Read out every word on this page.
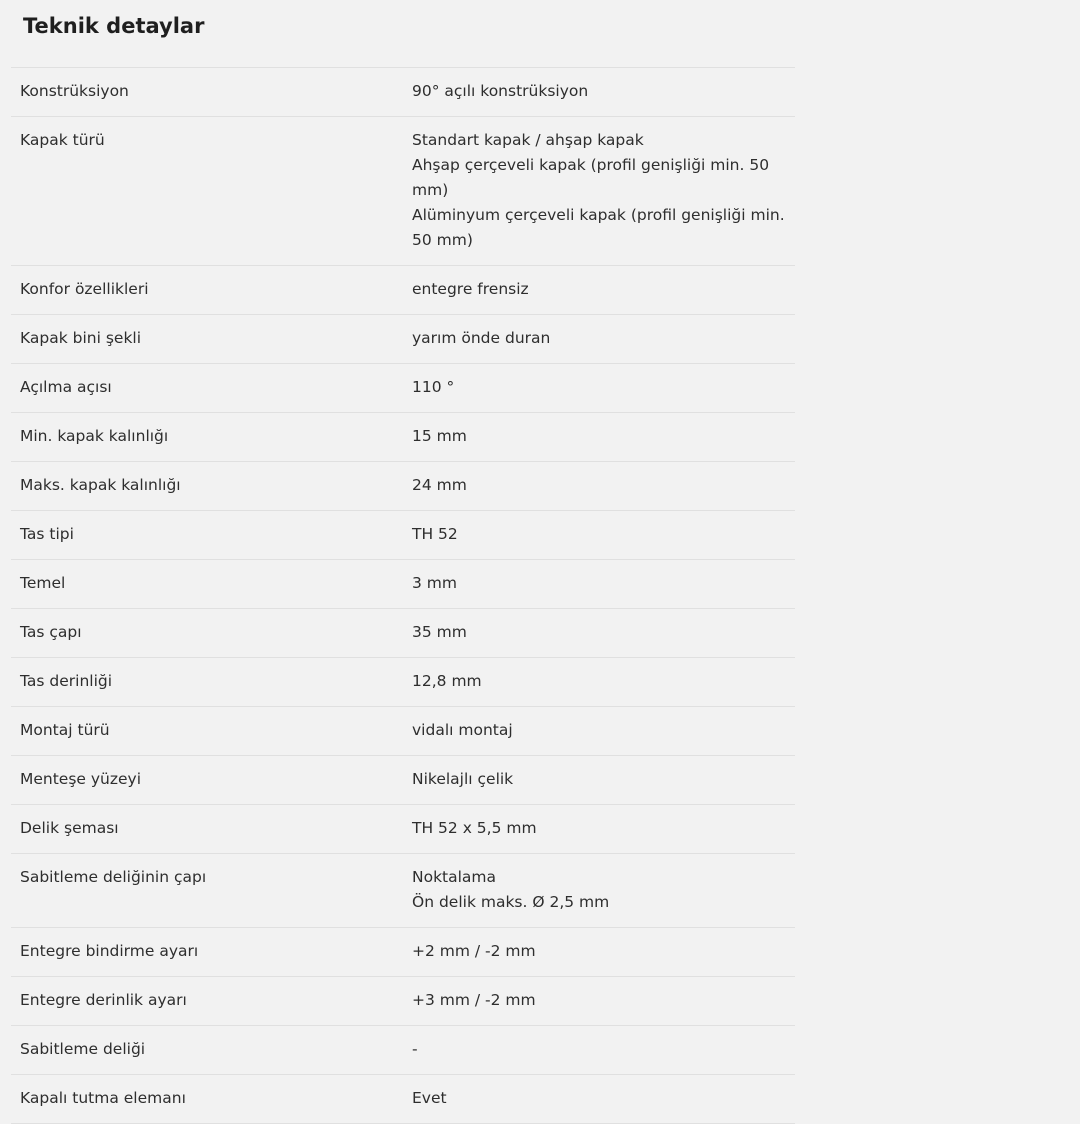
Teknik detaylar
Konstrüksiyon	90° açılı konstrüksiyon
Kapak türü	Standart kapak / ahşap kapak
Ahşap çerçeveli kapak (profil genişliği min. 50 mm)
Alüminyum çerçeveli kapak (profil genişliği min. 50 mm)
Konfor özellikleri	entegre frensiz
Kapak bini şekli	yarım önde duran
Açılma açısı	110 °
Min. kapak kalınlığı	15 mm
Maks. kapak kalınlığı	24 mm
Tas tipi	TH 52
Temel	3 mm
Tas çapı	35 mm
Tas derinliği	12,8 mm
Montaj türü	vidalı montaj
Menteşe yüzeyi	Nikelajlı çelik
Delik şeması	TH 52 x 5,5 mm
Sabitleme deliğinin çapı	Noktalama
Ön delik maks. Ø 2,5 mm
Entegre bindirme ayarı	+2 mm / -2 mm
Entegre derinlik ayarı	+3 mm / -2 mm
Sabitleme deliği	-
Kapalı tutma elemanı	Evet
